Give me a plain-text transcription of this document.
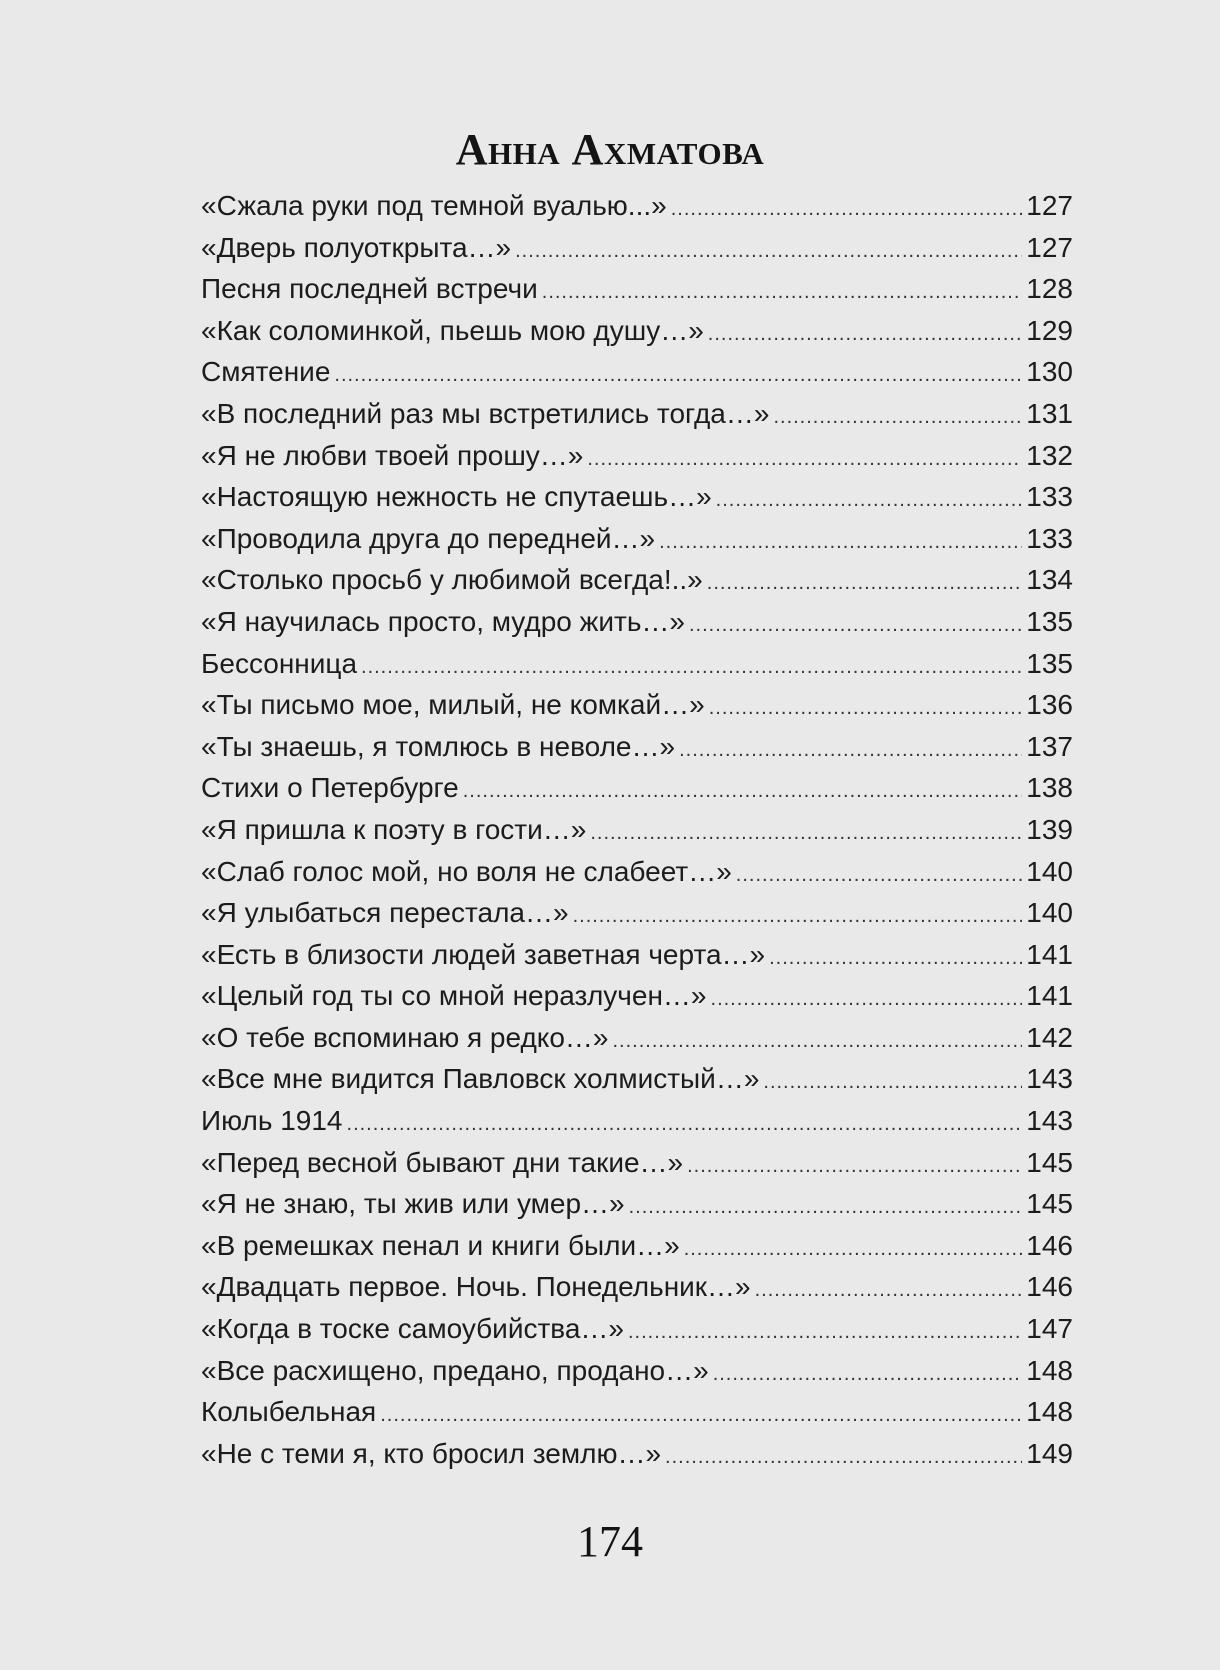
Анна Ахматова
«Сжала руки под темной вуалью...» .....	127
«Дверь полуоткрыта…» .....	127
Песня последней встречи .....	128
«Как соломинкой, пьешь мою душу…» .....	129
Смятение .....	130
«В последний раз мы встретились тогда…» .....	131
«Я не любви твоей прошу…» .....	132
«Настоящую нежность не спутаешь…» .....	133
«Проводила друга до передней…» .....	133
«Столько просьб у любимой всегда!..» .....	134
«Я научилась просто, мудро жить…» .....	135
Бессонница .....	135
«Ты письмо мое, милый, не комкай…» .....	136
«Ты знаешь, я томлюсь в неволе…» .....	137
Стихи о Петербурге .....	138
«Я пришла к поэту в гости…» .....	139
«Слаб голос мой, но воля не слабеет…» .....	140
«Я улыбаться перестала…» .....	140
«Есть в близости людей заветная черта…» .....	141
«Целый год ты со мной неразлучен…» .....	141
«О тебе вспоминаю я редко…» .....	142
«Все мне видится Павловск холмистый…» .....	143
Июль 1914 .....	143
«Перед весной бывают дни такие…» .....	145
«Я не знаю, ты жив или умер…» .....	145
«В ремешках пенал и книги были…» .....	146
«Двадцать первое. Ночь. Понедельник…» .....	146
«Когда в тоске самоубийства…» .....	147
«Все расхищено, предано, продано…» .....	148
Колыбельная .....	148
«Не с теми я, кто бросил землю…» .....	149
174
